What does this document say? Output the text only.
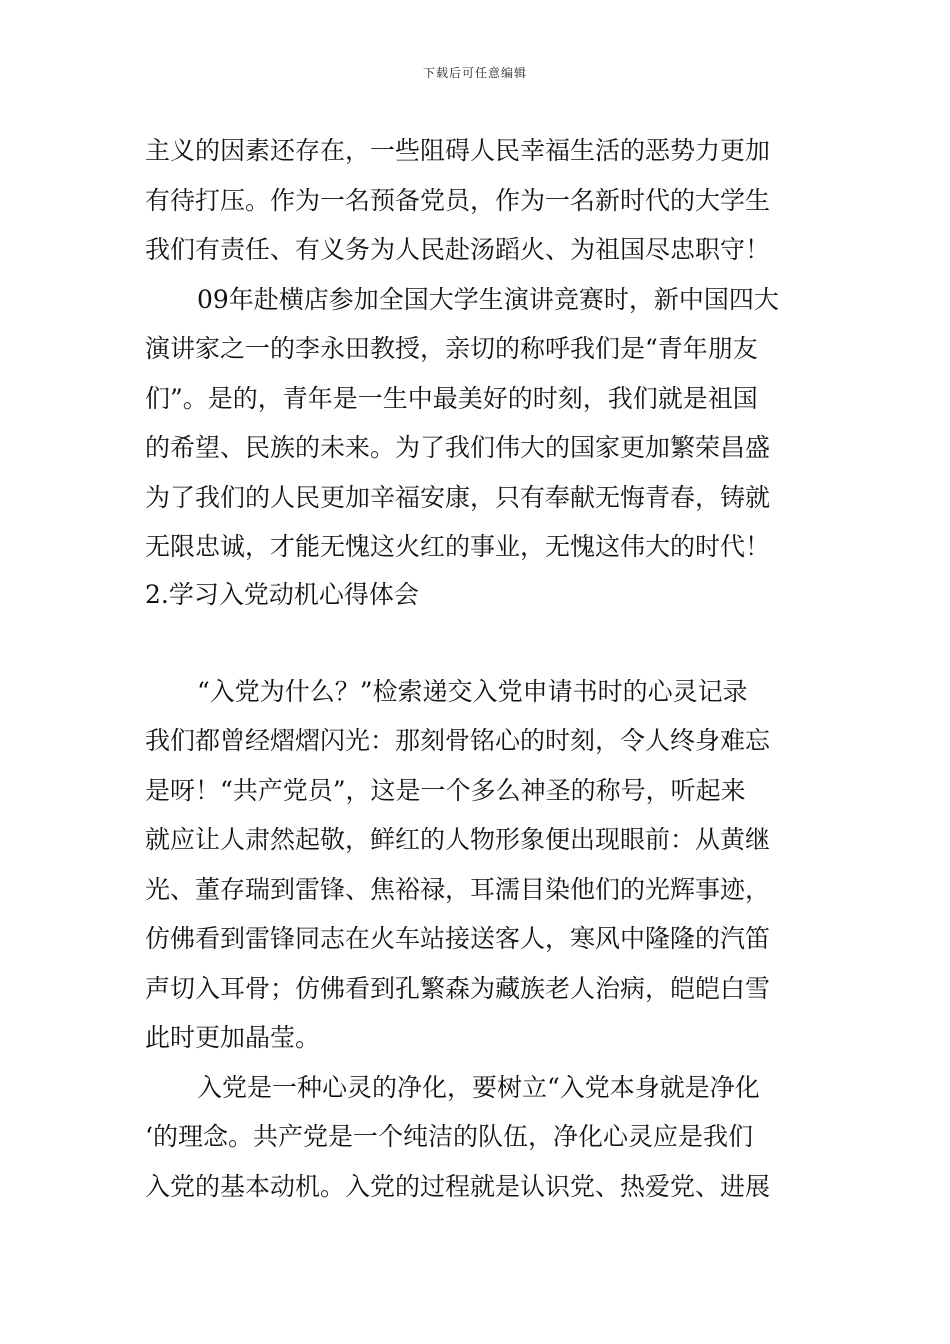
下载后可任意编辑
主义的因素还存在，一些阻碍人民幸福生活的恶势力更加
有待打压。作为一名预备党员，作为一名新时代的大学生
我们有责任、有义务为人民赴汤蹈火、为祖国尽忠职守！
09年赴横店参加全国大学生演讲竞赛时，新中国四大
演讲家之一的李永田教授，亲切的称呼我们是“青年朋友
们”。是的，青年是一生中最美好的时刻，我们就是祖国
的希望、民族的未来。为了我们伟大的国家更加繁荣昌盛
为了我们的人民更加辛福安康，只有奉献无悔青春，铸就
无限忠诚，才能无愧这火红的事业，无愧这伟大的时代！
2.学习入党动机心得体会
“入党为什么？”检索递交入党申请书时的心灵记录
我们都曾经熠熠闪光：那刻骨铭心的时刻，令人终身难忘
是呀！“共产党员”，这是一个多么神圣的称号，听起来
就应让人肃然起敬，鲜红的人物形象便出现眼前：从黄继
光、董存瑞到雷锋、焦裕禄，耳濡目染他们的光辉事迹，
仿佛看到雷锋同志在火车站接送客人，寒风中隆隆的汽笛
声切入耳骨；仿佛看到孔繁森为藏族老人治病，皑皑白雪
此时更加晶莹。
入党是一种心灵的净化，要树立“入党本身就是净化
‘的理念。共产党是一个纯洁的队伍，净化心灵应是我们
入党的基本动机。入党的过程就是认识党、热爱党、进展
